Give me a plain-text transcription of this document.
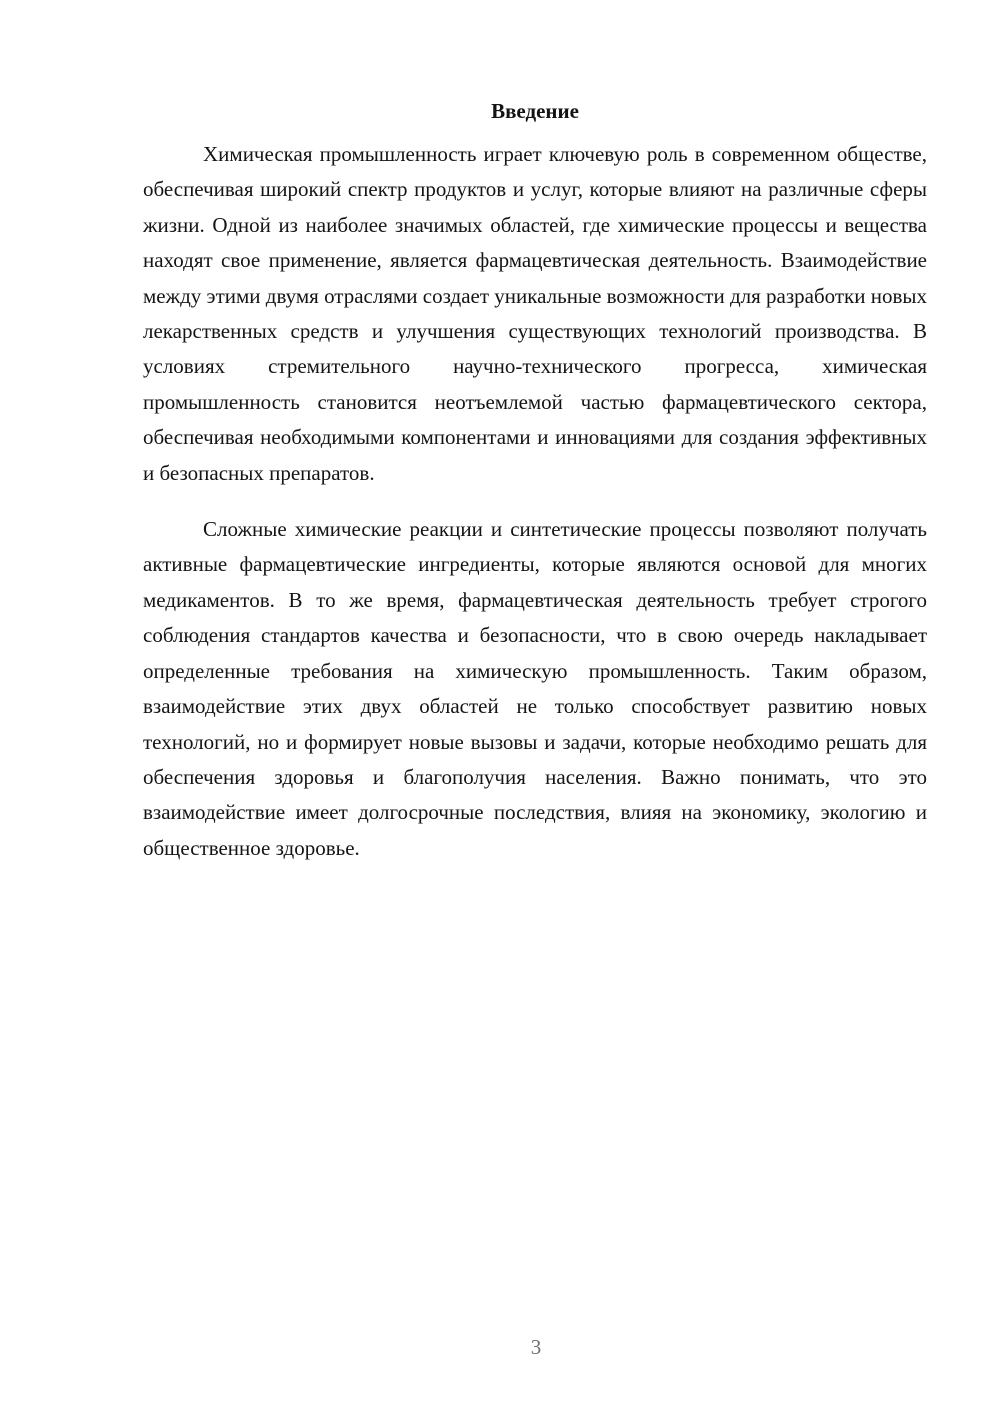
Введение

Химическая промышленность играет ключевую роль в современном обществе, обеспечивая широкий спектр продуктов и услуг, которые влияют на различные сферы жизни. Одной из наиболее значимых областей, где химические процессы и вещества находят свое применение, является фармацевтическая деятельность. Взаимодействие между этими двумя отраслями создает уникальные возможности для разработки новых лекарственных средств и улучшения существующих технологий производства. В условиях стремительного научно-технического прогресса, химическая промышленность становится неотъемлемой частью фармацевтического сектора, обеспечивая необходимыми компонентами и инновациями для создания эффективных и безопасных препаратов.

Сложные химические реакции и синтетические процессы позволяют получать активные фармацевтические ингредиенты, которые являются основой для многих медикаментов. В то же время, фармацевтическая деятельность требует строгого соблюдения стандартов качества и безопасности, что в свою очередь накладывает определенные требования на химическую промышленность. Таким образом, взаимодействие этих двух областей не только способствует развитию новых технологий, но и формирует новые вызовы и задачи, которые необходимо решать для обеспечения здоровья и благополучия населения. Важно понимать, что это взаимодействие имеет долгосрочные последствия, влияя на экономику, экологию и общественное здоровье.

3
